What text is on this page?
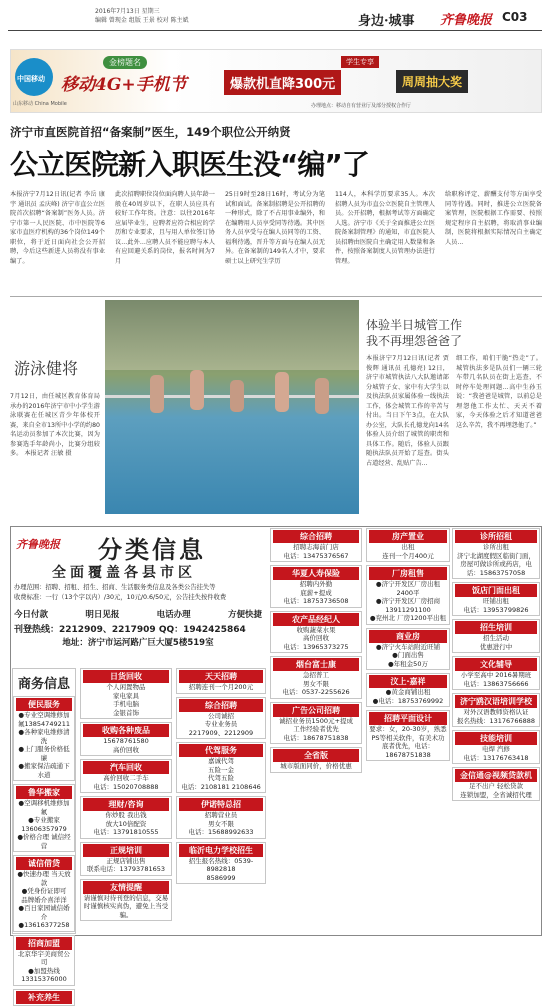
2016年7月13日 星期三
编辑 曾现金 组版 王景 校对 陈主斌	身边·城事 齐鲁晚报 C03
中国移动
山东移动 China Mobile
金榜题名
移动4G+手机节
学生专享
爆款机直降300元	周周抽大奖
办理地点：移动自有营业厅及部分授权合作厅
济宁市直医院首招“备案制”医生，149个职位公开纳贤
公立医院新入职医生没“编”了
本报济宁7月12日讯(记者 李岳 康宇 通讯员 孟庆峰) 济宁市直公立医院首次招聘“备案制”医务人员。济宁市第一人民医院、市中医院等6家市直医疗机构的36个岗位149个职位，将于近日面向社会公开招聘，今后这些新进人员将没有事业编了。
此次招聘职位岗位面向聘人员年龄一般在40周岁以下，在职人员应具有较好工作年资。注意：以往2016年应届毕业生，应聘者应符合相应的学历和专业要求，且与用人单位签订协议...此外...应聘人员不能应聘与本人有应回避关系的岗位，报名时间为7月
25日9时至28日16时，考试分为笔试和面试。备案制招聘是公开招聘的一种形式，除了不占用事业编外，和在编聘用人员享受同等待遇。其中医务人员享受与在编人员同等的工资、福利待遇，晋升等方面与在编人员无异。在备案制的149名人才中，要求硕士以上研究生学历
114人，本科学历要求35人。本次招聘人员为市直公立医院自主管理人员。公开招聘，根据考试等方面确定人选。济宁市《关于全面推进公立医院备案制管理》的通知，市直医院人员招聘由医院自主确定用人数量和条件，按照备案制度人员管理办法进行管理。
给职称评定、薪酬支付等方面享受同等待遇。同时，推进公立医院备案管理，医院根据工作需要、按照规定程序自主招聘，将取消事业编制，医院将根据实际情况自主确定人员...
游泳健将
7月12日，由任城区教育体育局承办的2016年济宁市中小学生游泳联赛在任城区青少年体校开赛，来自全市13所中小学的约80名运动员参加了本次比赛，因为参赛选手年龄尚小，比赛分组较多。 本报记者 汪敏 摄
体验半日城管工作
我不再埋怨爸爸了
本报济宁7月12日讯(记者 贾俊辉 通讯员 孔德亮) 12日，济宁市城管执法八大队邀请部分城管子女、家中有大学生以及执法队员家属体验一线执法工作，体会城管工作的辛苦与付出。当日下午3点，在大队办公室，大队长孔德龙向14名体验人员介绍了城管的职责和具体工作。随后，体验人员跟随执法队员开始了巡查。街头占道经营、乱贴广告...
细工作，咱们干脆“热走”了。城管执法多是队员们一辆三轮车带几名队员在街上巡查，不时停车处理问题...高中生孙玉说：“我爸爸是城管，以前总是埋怨他工作太忙、天天不着家，今天体验之后才知道爸爸这么辛苦，我不再埋怨他了。”
齐鲁晚报 分类信息
全面覆盖各县市区
办理范围：招聘、招租、招生、招商、生活服务类信息及各类公告挂失等
收费标准：一行（13个字以内）/30元，10元/0.6/50元，公告挂失按件收费
今日付款	明日见报	电话办理	方便快捷
刊登热线：2212909、2217909 QQ：1942425864
地址：济宁市运河路广巨大厦5楼519室
商务信息
便民服务
●专业空调维修加氟13854749211
●各种家电维修清洗
●上门服务价格低廉
●搬家保洁疏通下水道
鲁华搬家
●空调移机维修加氟
●专业搬家 13606357979
●价格合理 诚信经营
诚信借贷
●快速办理 当天放款
●凭身份证即可
品牌婚介喜洋洋
●百日家园诚信婚介
●13616377258
招商加盟
北京华宇美商贸公司
●加盟热线 13315376000
补充养生
日货回收
个人闲置物品
家电家具
手机电脑
金银首饰
收购各种废品
15678761580
高价回收
汽车回收
高价回收二手车
电话：15020708888
理财/咨询
你炒股 我出钱
放大10倍配资
电话：13791810555
正规培训
正规店铺出售
联系电话：13793781653
友情提醒
请谨慎对待刊登的信息，交易时谨慎核实真伪，避免上当受骗。
天天招聘
招聘连刊一个月200元
综合招聘
公司诚招
专业业务员
2217909、2212909
代驾服务
嘉诚代驾
五险一金
代驾五险
电话：2108181 2108646
伊诺特总招
招聘营业员
男女不限
电话：15688992633
临沂电力学校招生
招生报名热线：0539-8982818
8586999
综合招聘
招聘志海前门店
电话：13475376567
华夏人寿保险
招聘内外勤
底薪+提成
电话：18753736508
农产品经纪人
收购蔬菜水果
高价回收
电话：13965373275
烟台富士康
急招普工
男女不限
电话：0537-2255626
广告公司招聘
诚招业务员1500元+提成
工作经验者优先
电话：18678751838
全省版
城市版面同价，价格优惠
房产置业
出租
连刊一个月400元
厂房租售
●济宁开发区厂房出租 2400平
●济宁开发区厂房招商13911291100
●兖州北 厂房1200平出租
商业房
●济宁火车站附近旺铺
●门面出售
●年租金50万
汶上·嘉祥
●黄金商铺出租
●电话：18753769992
招聘平面设计
要求：女，20-30岁，熟悉PS等相关软件，有美术功底者优先，电话：18678751838
诊所招租
诊所出租
济宁北湖度假区临街门面，房屋可做诊所或药店，电话：15863757058
饭店门面出租
旺铺出租
电话：13953799826
招生培训
招生活动
优惠进行中
文化辅导
小学至高中 2016暑期班
电话：13863756666
济宁鸥汉语培训学校
对外汉语教师资格认证
报名热线：13176766888
技能培训
电焊 汽修
电话：13176763418
金信通@视频贷款机
足不出户 轻松贷款
连锁加盟，全省诚招代理
